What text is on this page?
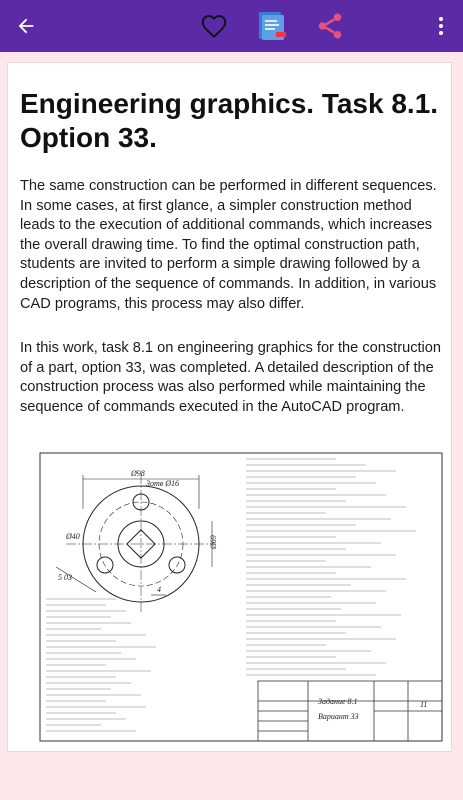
Engineering graphics. Task 8.1. Option 33.

The same construction can be performed in different sequences. In some cases, at first glance, a simpler construction method leads to the execution of additional commands, which increases the overall drawing time. To find the optimal construction path, students are invited to perform a simple drawing followed by a description of the sequence of commands. In addition, in various CAD programs, this process may also differ.

In this work, task 8.1 on engineering graphics for the construction of a part, option 33, was completed. A detailed description of the construction process was also performed while maintaining the sequence of commands executed in the AutoCAD program.

Ø98
3отв Ø16
Ø40	Ø69
5 03
4
Задание 8.1
Вариант 33
11
